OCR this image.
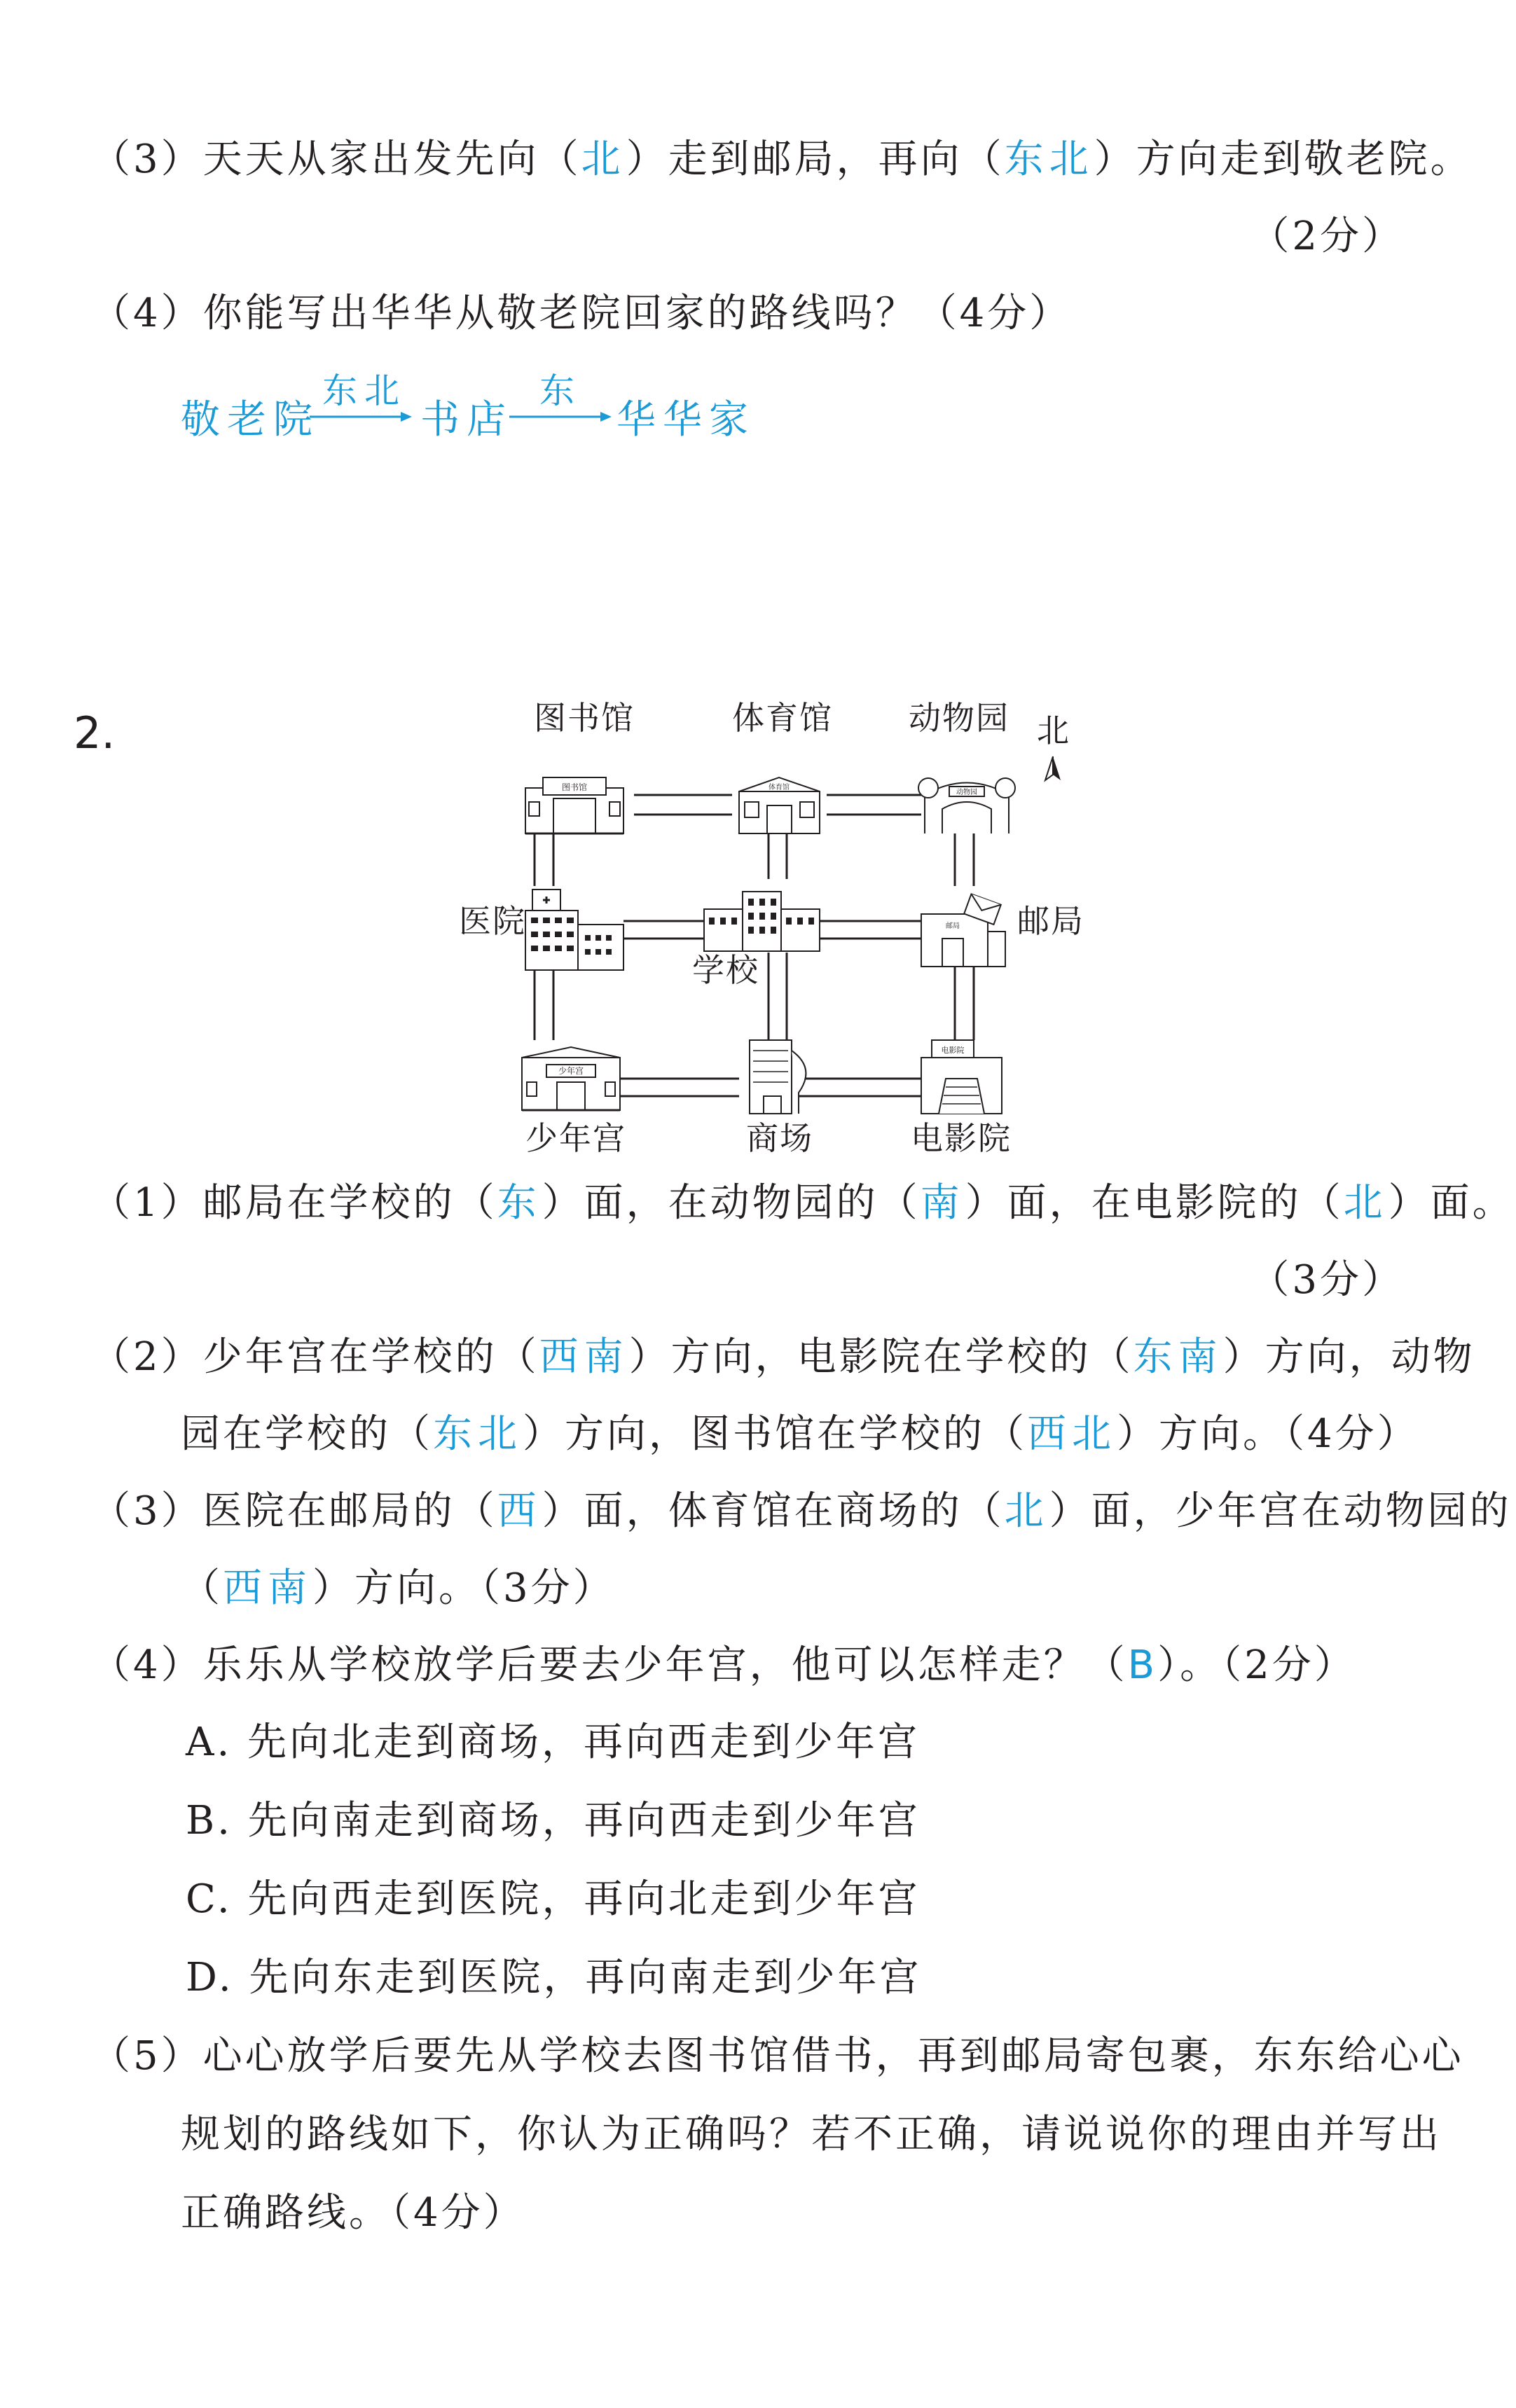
（3）天天从家出发先向（北）走到邮局，再向（东北）方向走到敬老院。
（2分）
（4）你能写出华华从敬老院回家的路线吗？（4分）
敬老院
东北
书店
东
华华家
2.
图书馆	体育馆
动物园
邮局
少年宫
电影院
北
图书馆	体育馆 动物园
医院
学校
邮局
少年宫	商场	电影院
（1）邮局在学校的（东）面，在动物园的（南）面，在电影院的（北）面。
（3分）
（2）少年宫在学校的（西南）方向，电影院在学校的（东南）方向，动物
园在学校的（东北）方向，图书馆在学校的（西北）方向。（4分）
（3）医院在邮局的（西）面，体育馆在商场的（北）面，少年宫在动物园的
（西南）方向。（3分）
（4）乐乐从学校放学后要去少年宫，他可以怎样走？（B）。（2分）
A. 先向北走到商场，再向西走到少年宫
B. 先向南走到商场，再向西走到少年宫
C. 先向西走到医院，再向北走到少年宫
D. 先向东走到医院，再向南走到少年宫
（5）心心放学后要先从学校去图书馆借书，再到邮局寄包裹，东东给心心
规划的路线如下，你认为正确吗？若不正确，请说说你的理由并写出
正确路线。（4分）
